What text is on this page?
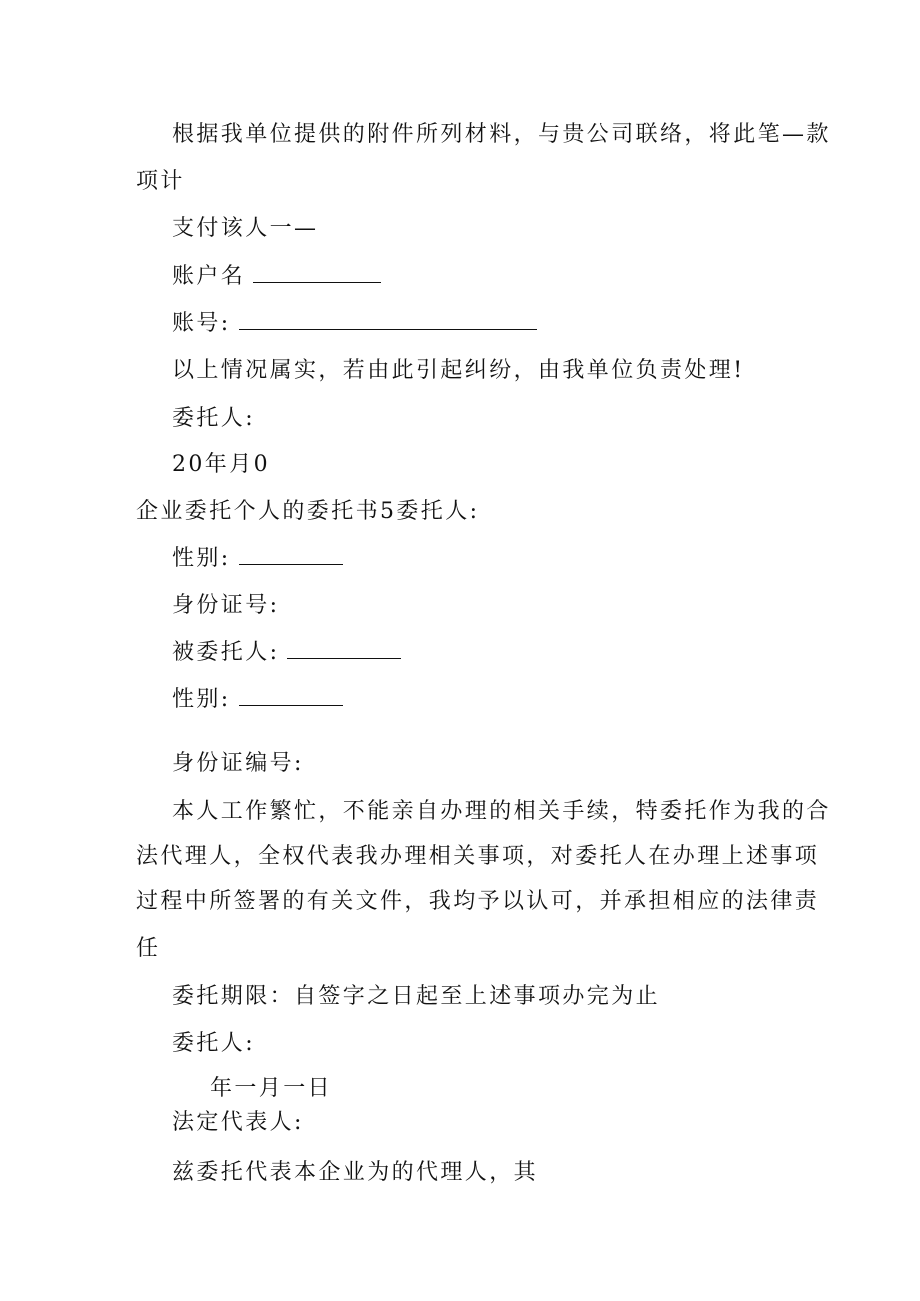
根据我单位提供的附件所列材料，与贵公司联络，将此笔—款
项计
支付该人一—
账户名
账号:
以上情况属实，若由此引起纠纷，由我单位负责处理!
委托人:
20年月0
企业委托个人的委托书5委托人:
性别:
身份证号:
被委托人:
性别:
身份证编号:
本人工作繁忙，不能亲自办理的相关手续，特委托作为我的合
法代理人，全权代表我办理相关事项，对委托人在办理上述事项
过程中所签署的有关文件，我均予以认可，并承担相应的法律责
任
委托期限：自签字之日起至上述事项办完为止
委托人:
年一月一日
法定代表人:
兹委托代表本企业为的代理人，其
